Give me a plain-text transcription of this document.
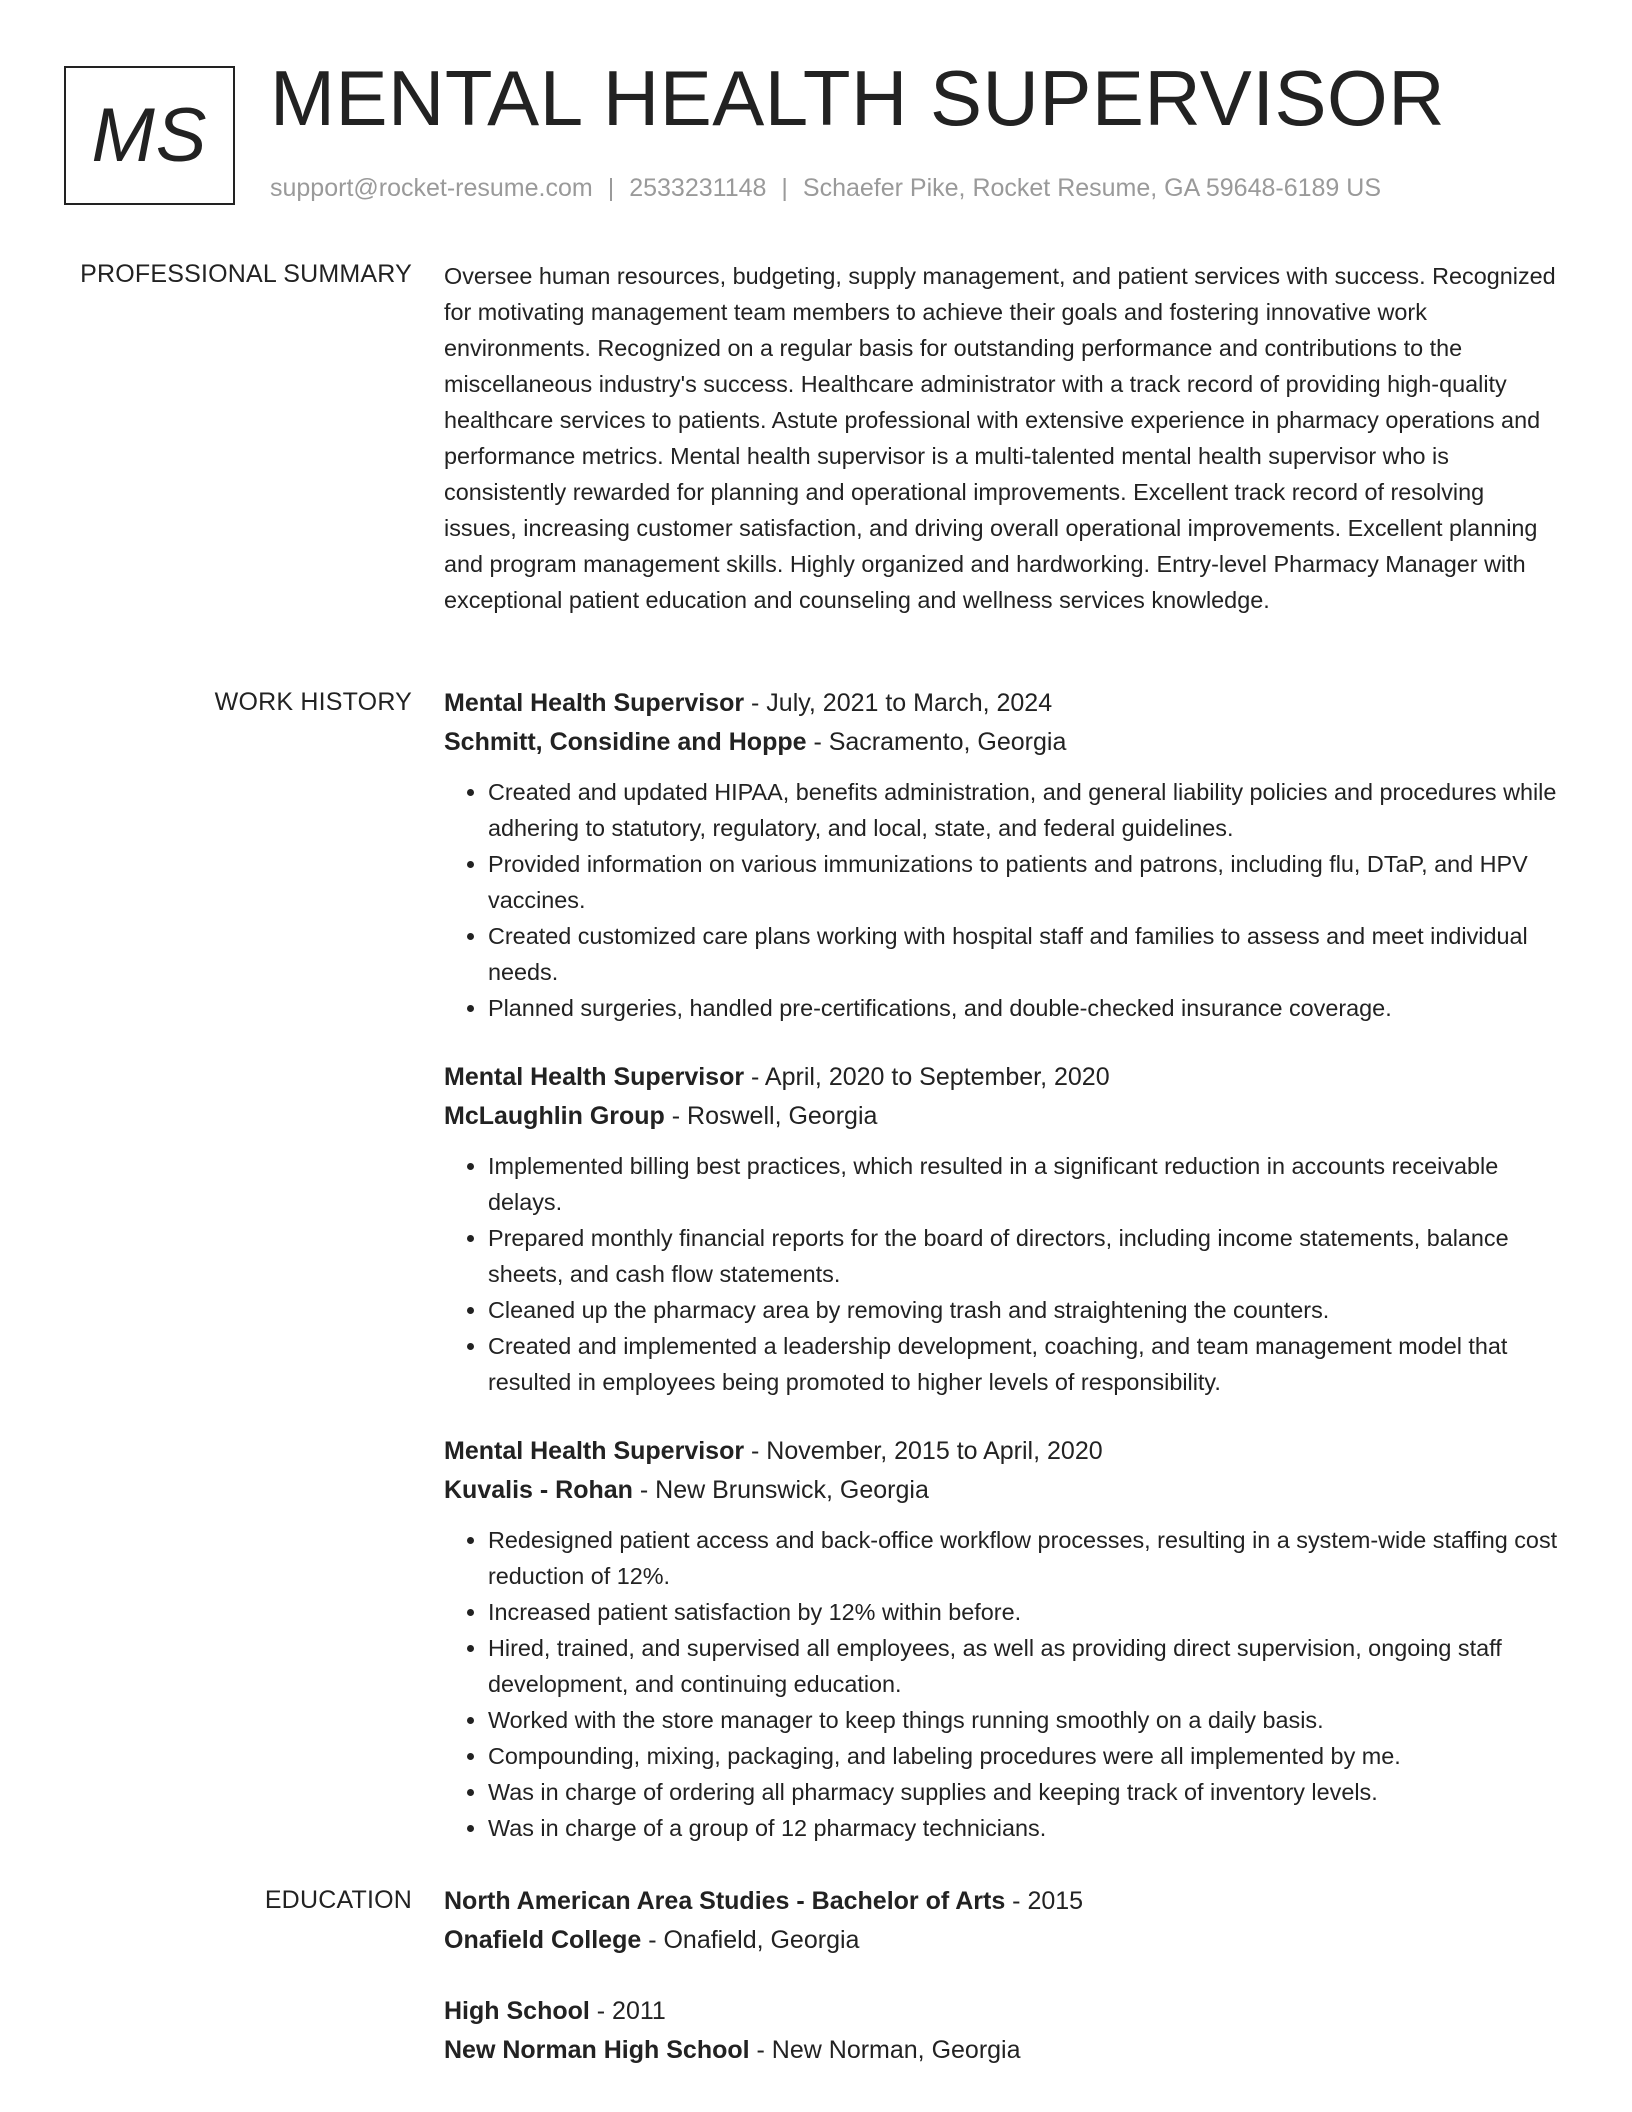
MS MENTAL HEALTH SUPERVISOR
support@rocket-resume.com | 2533231148 | Schaefer Pike, Rocket Resume, GA 59648-6189 US
PROFESSIONAL SUMMARY Oversee human resources, budgeting, supply management, and patient services with success. Recognized for motivating management team members to achieve their goals and fostering innovative work environments. Recognized on a regular basis for outstanding performance and contributions to the miscellaneous industry's success. Healthcare administrator with a track record of providing high-quality healthcare services to patients. Astute professional with extensive experience in pharmacy operations and performance metrics. Mental health supervisor is a multi-talented mental health supervisor who is consistently rewarded for planning and operational improvements. Excellent track record of resolving issues, increasing customer satisfaction, and driving overall operational improvements. Excellent planning and program management skills. Highly organized and hardworking. Entry-level Pharmacy Manager with exceptional patient education and counseling and wellness services knowledge.

WORK HISTORY Mental Health Supervisor - July, 2021 to March, 2024
Schmitt, Considine and Hoppe - Sacramento, Georgia
• Created and updated HIPAA, benefits administration, and general liability policies and procedures while adhering to statutory, regulatory, and local, state, and federal guidelines.
• Provided information on various immunizations to patients and patrons, including flu, DTaP, and HPV vaccines.
• Created customized care plans working with hospital staff and families to assess and meet individual needs.
• Planned surgeries, handled pre-certifications, and double-checked insurance coverage.
Mental Health Supervisor - April, 2020 to September, 2020
McLaughlin Group - Roswell, Georgia
• Implemented billing best practices, which resulted in a significant reduction in accounts receivable delays.
• Prepared monthly financial reports for the board of directors, including income statements, balance sheets, and cash flow statements.
• Cleaned up the pharmacy area by removing trash and straightening the counters.
• Created and implemented a leadership development, coaching, and team management model that resulted in employees being promoted to higher levels of responsibility.
Mental Health Supervisor - November, 2015 to April, 2020
Kuvalis - Rohan - New Brunswick, Georgia
• Redesigned patient access and back-office workflow processes, resulting in a system-wide staffing cost reduction of 12%.
• Increased patient satisfaction by 12% within before.
• Hired, trained, and supervised all employees, as well as providing direct supervision, ongoing staff development, and continuing education.
• Worked with the store manager to keep things running smoothly on a daily basis.
• Compounding, mixing, packaging, and labeling procedures were all implemented by me.
• Was in charge of ordering all pharmacy supplies and keeping track of inventory levels.
• Was in charge of a group of 12 pharmacy technicians.
EDUCATION North American Area Studies - Bachelor of Arts - 2015
Onafield College - Onafield, Georgia
High School - 2011
New Norman High School - New Norman, Georgia
